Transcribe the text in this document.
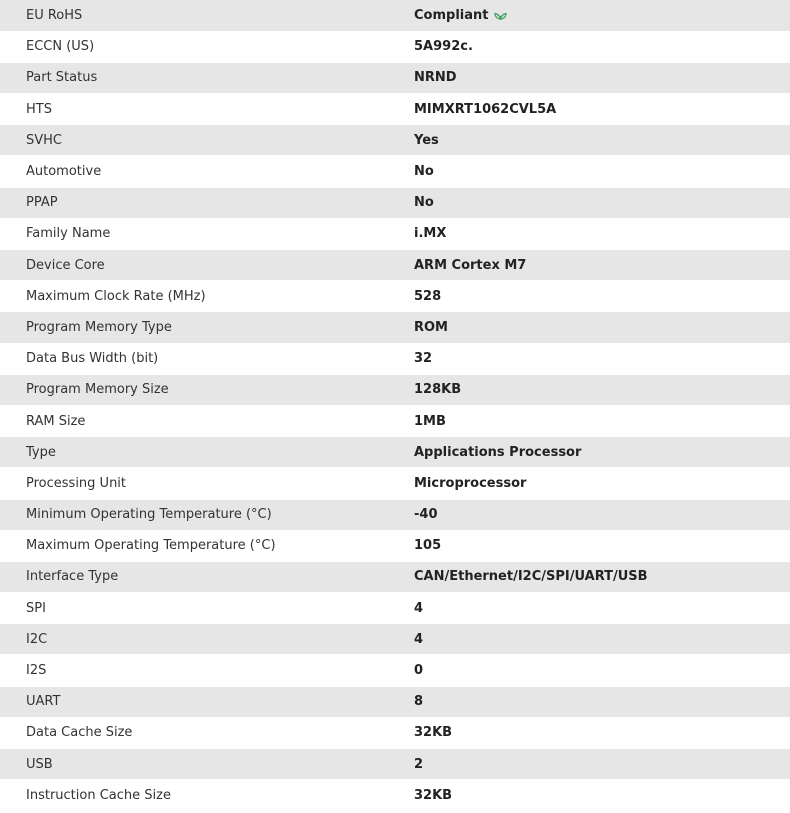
EU RoHS	Compliant

ECCN (US)	5A992c.

Part Status	NRND

HTS	MIMXRT1062CVL5A

SVHC	Yes

Automotive	No

PPAP	No

Family Name	i.MX

Device Core	ARM Cortex M7

Maximum Clock Rate (MHz)	528

Program Memory Type	ROM

Data Bus Width (bit)	32

Program Memory Size	128KB

RAM Size	1MB

Type	Applications Processor

Processing Unit	Microprocessor

Minimum Operating Temperature (°C)	-40

Maximum Operating Temperature (°C)	105

Interface Type	CAN/Ethernet/I2C/SPI/UART/USB

SPI	4

I2C	4

I2S	0

UART	8

Data Cache Size	32KB

USB	2

Instruction Cache Size	32KB
